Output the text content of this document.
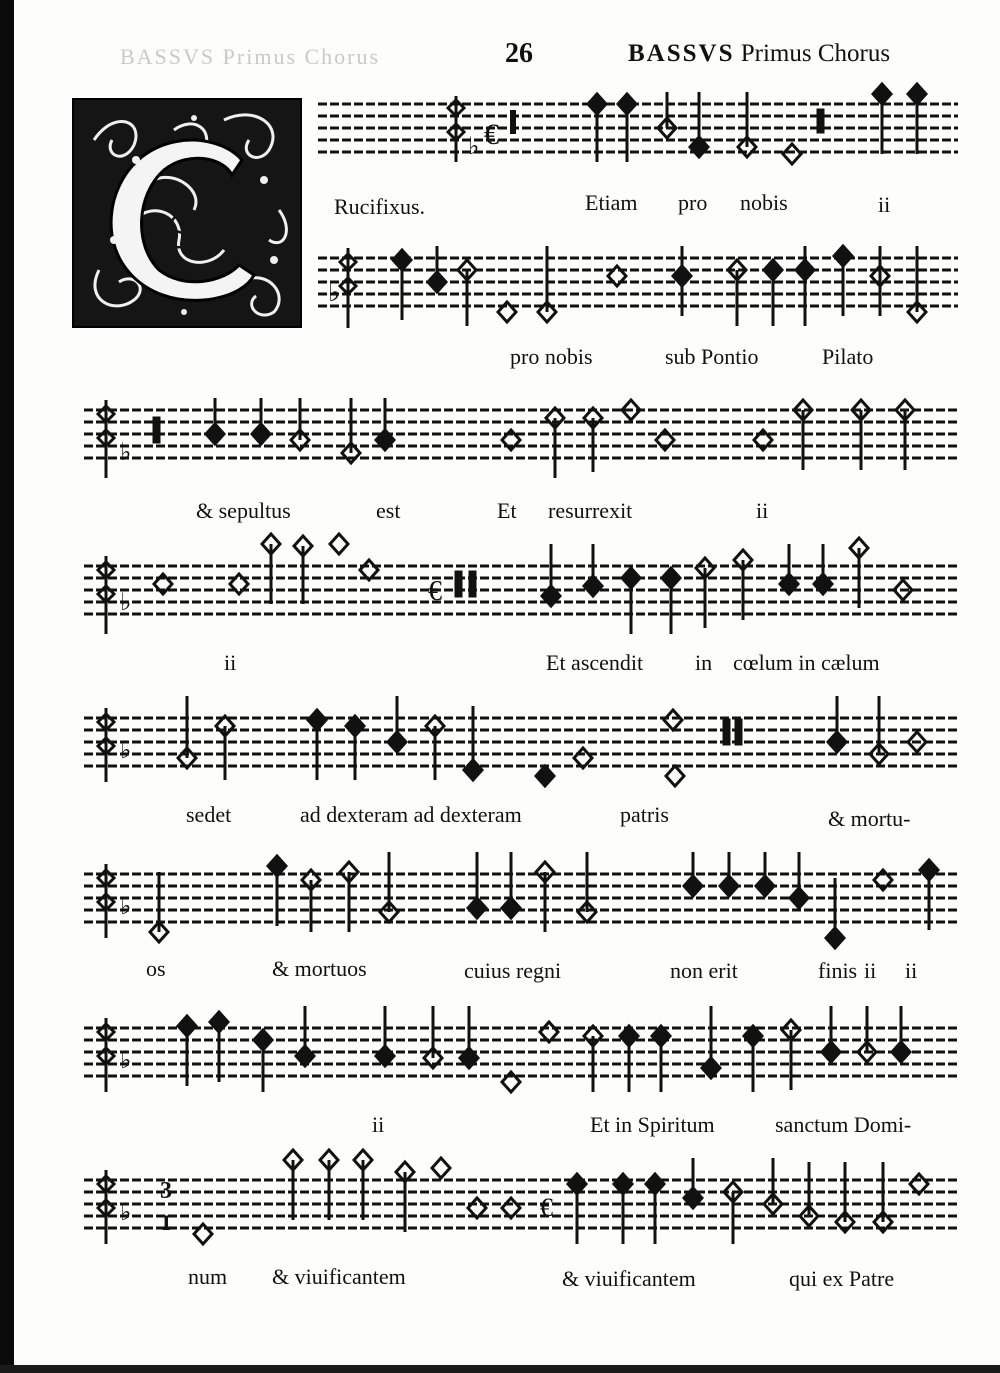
BASSVS Primus Chorus	26	BASSVS Primus Chorus
♭ €
Rucifixus.	Etiam pro nobis	ii
♭
pro nobis	sub Pontio	Pilato
♭
& sepultus	est	Et resurrexit	ii
♭	€
ii	Et ascendit in cœlum in cælum
♭
sedet	ad dexteram ad dexteram	patris	& mortu-
♭
os	& mortuos	cuius regni	non erit	finis ii ii
♭
ii	Et in Spiritum	sanctum Domi-
♭
3
I
€
num & viuificantem	& viuificantem	qui ex Patre
